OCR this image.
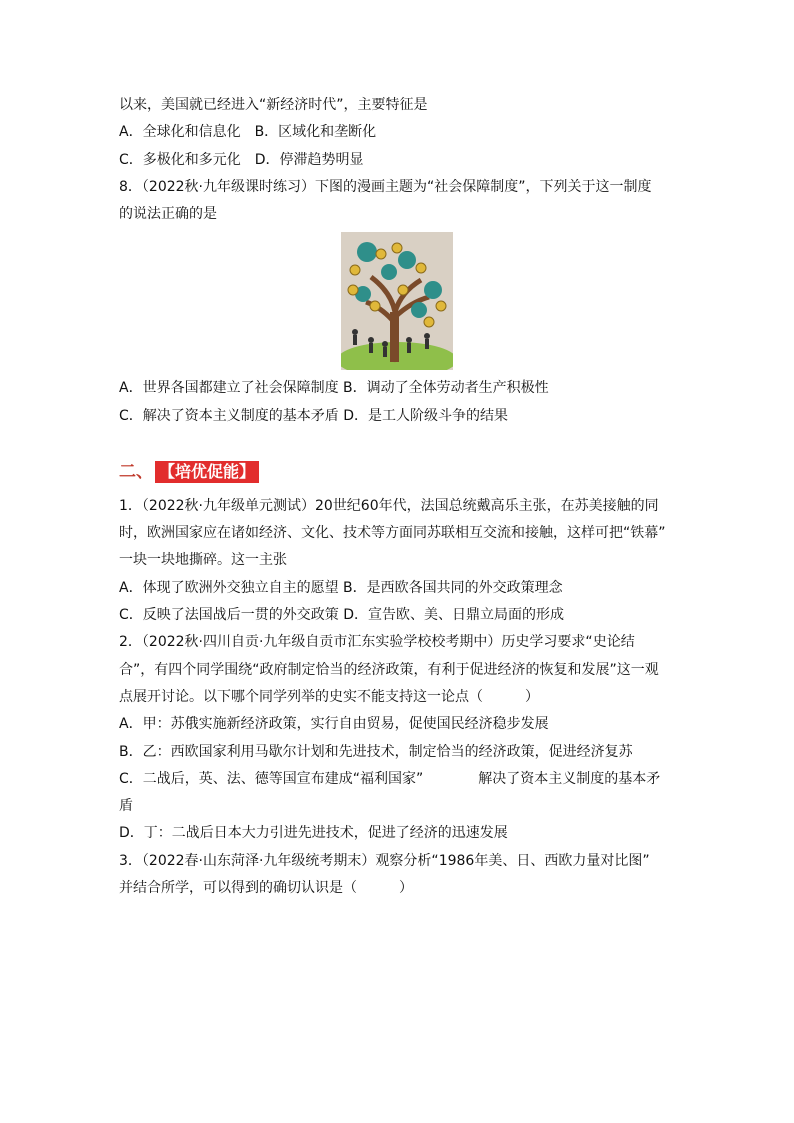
以来，美国就已经进入“新经济时代”，主要特征是
A．全球化和信息化　B．区域化和垄断化
C．多极化和多元化　D．停滞趋势明显
8．（2022秋·九年级课时练习）下图的漫画主题为“社会保障制度”，下列关于这一制度
的说法正确的是
A．世界各国都建立了社会保障制度 B．调动了全体劳动者生产积极性
C．解决了资本主义制度的基本矛盾 D．是工人阶级斗争的结果
二、 【培优促能】
1．（2022秋·九年级单元测试）20世纪60年代，法国总统戴高乐主张，在苏美接触的同
时，欧洲国家应在诸如经济、文化、技术等方面同苏联相互交流和接触，这样可把“铁幕”
一块一块地撕碎。这一主张
A．体现了欧洲外交独立自主的愿望 B．是西欧各国共同的外交政策理念
C．反映了法国战后一贯的外交政策 D．宣告欧、美、日鼎立局面的形成
2．（2022秋·四川自贡·九年级自贡市汇东实验学校校考期中）历史学习要求“史论结
合”，有四个同学围绕“政府制定恰当的经济政策，有利于促进经济的恢复和发展”这一观
点展开讨论。以下哪个同学列举的史实不能支持这一论点（　　　）
A．甲：苏俄实施新经济政策，实行自由贸易，促使国民经济稳步发展
B．乙：西欧国家利用马歇尔计划和先进技术，制定恰当的经济政策，促进经济复苏
C．二战后，英、法、德等国宣布建成“福利国家”	解决了资本主义制度的基本矛
盾
D．丁：二战后日本大力引进先进技术，促进了经济的迅速发展
3．（2022春·山东菏泽·九年级统考期末）观察分析“1986年美、日、西欧力量对比图”
并结合所学，可以得到的确切认识是（　　　）
